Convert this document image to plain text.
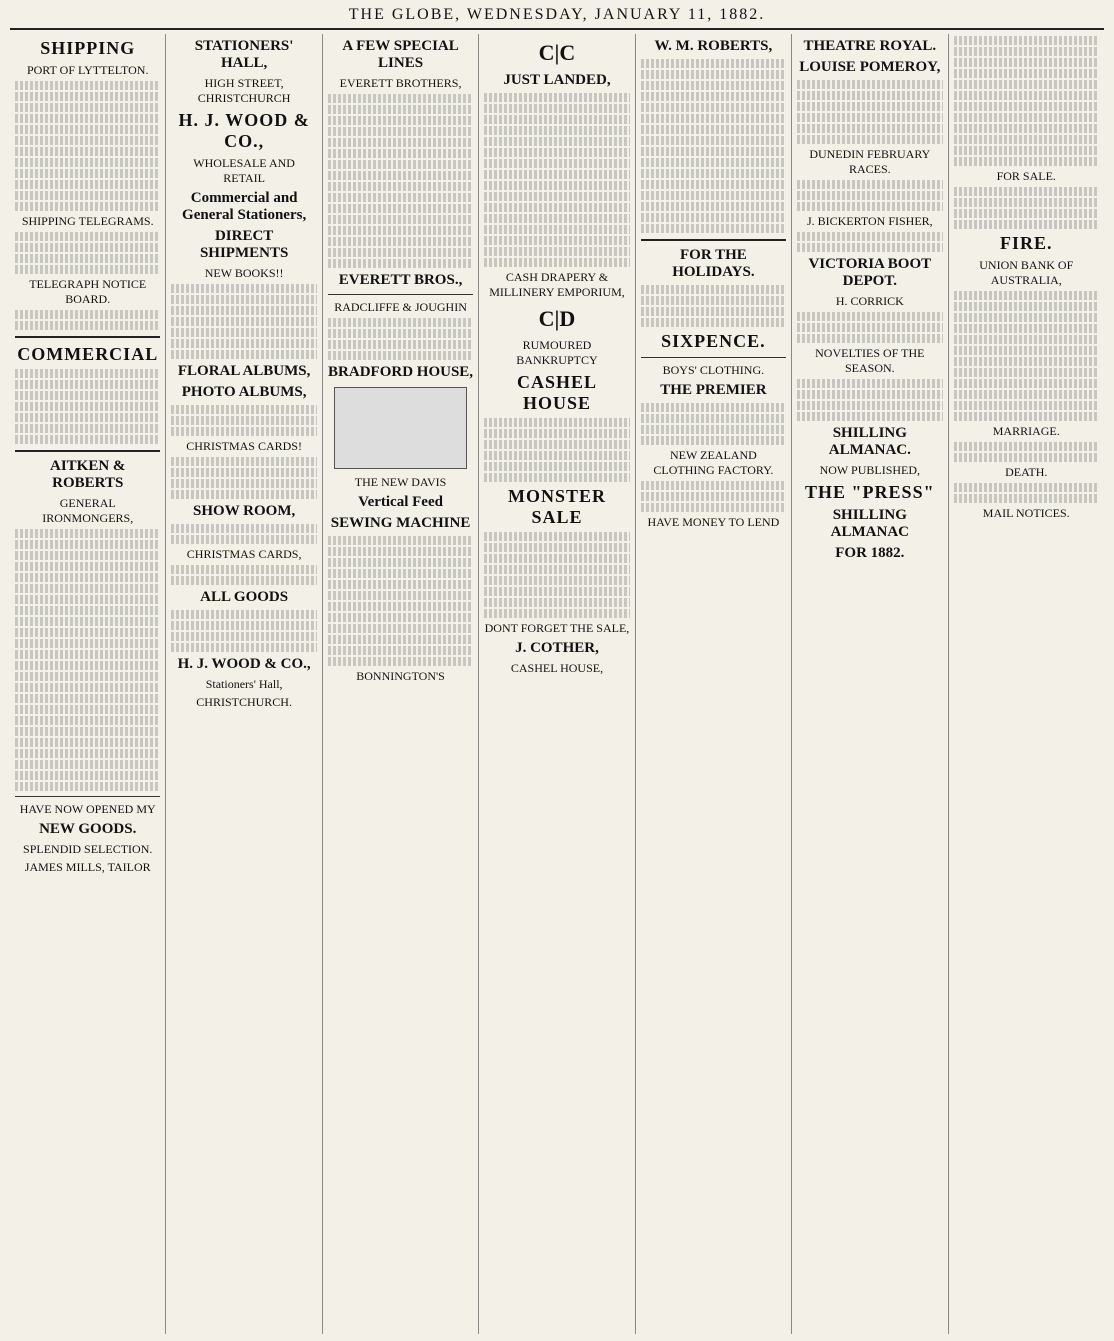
THE GLOBE, WEDNESDAY, JANUARY 11, 1882.
SHIPPING
PORT OF LYTTELTON.
SHIPPING TELEGRAMS.
TELEGRAPH NOTICE BOARD.
COMMERCIAL
AITKEN & ROBERTS
GENERAL IRONMONGERS,
HAVE NOW OPENED MY
NEW GOODS.
SPLENDID SELECTION.
JAMES MILLS, TAILOR
STATIONERS' HALL,
HIGH STREET, CHRISTCHURCH
H. J. WOOD & CO.,
WHOLESALE AND RETAIL
Commercial and General Stationers,
DIRECT SHIPMENTS
NEW BOOKS!!
FLORAL ALBUMS,
PHOTO ALBUMS,
CHRISTMAS CARDS!
SHOW ROOM,
CHRISTMAS CARDS,
ALL GOODS
H. J. WOOD & CO.,
Stationers' Hall,
CHRISTCHURCH.
A FEW SPECIAL LINES
EVERETT BROTHERS,
EVERETT BROS.,
RADCLIFFE & JOUGHIN
BRADFORD HOUSE,
THE NEW DAVIS
Vertical Feed
SEWING MACHINE
BONNINGTON'S
C|C
JUST LANDED,
CASH DRAPERY & MILLINERY EMPORIUM,
C|D
RUMOURED BANKRUPTCY
CASHEL HOUSE
MONSTER SALE
DONT FORGET THE SALE,
J. COTHER,
CASHEL HOUSE,
W. M. ROBERTS,
FOR THE HOLIDAYS.
SIXPENCE.
BOYS' CLOTHING.
THE PREMIER
NEW ZEALAND CLOTHING FACTORY.
HAVE MONEY TO LEND
THEATRE ROYAL.
LOUISE POMEROY,
DUNEDIN FEBRUARY RACES.
J. BICKERTON FISHER,
VICTORIA BOOT DEPOT.
H. CORRICK
NOVELTIES OF THE SEASON.
SHILLING ALMANAC.
NOW PUBLISHED,
THE "PRESS"
SHILLING ALMANAC
FOR 1882.
FOR SALE.
FIRE.
UNION BANK OF AUSTRALIA,
MARRIAGE.
DEATH.
MAIL NOTICES.
